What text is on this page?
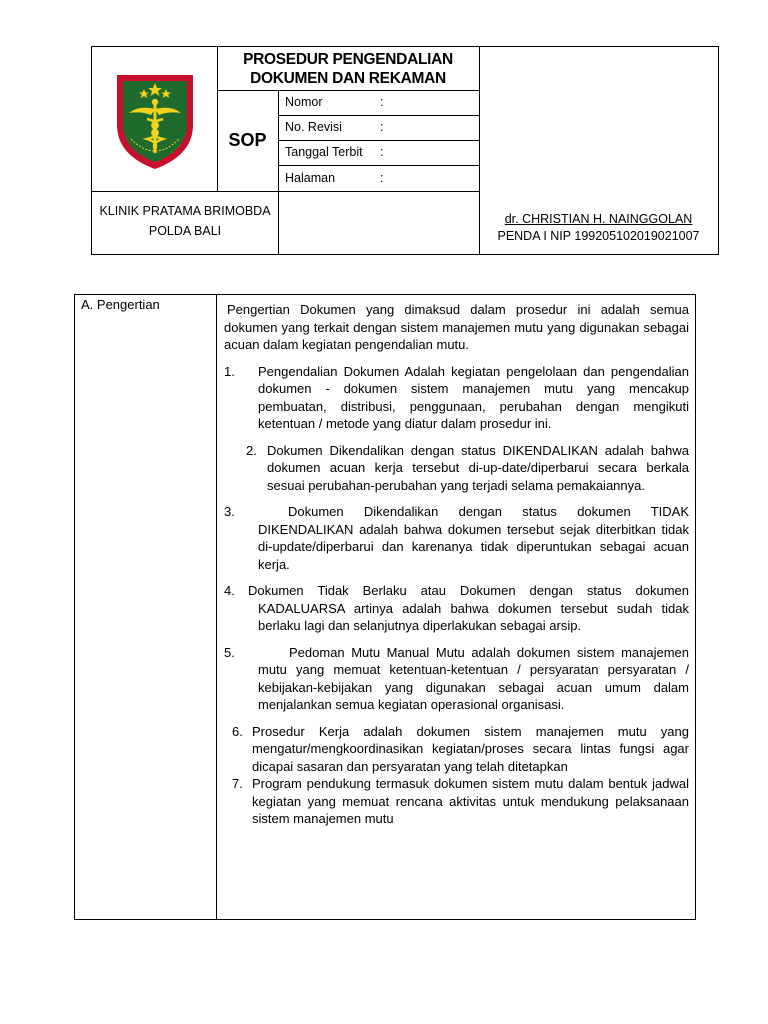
PROSEDUR PENGENDALIAN
DOKUMEN DAN REKAMAN
SOP
Nomor	:
No. Revisi	:
Tanggal Terbit :
Halaman	:
KLINIK PRATAMA BRIMOBDA
POLDA BALI
dr. CHRISTIAN H. NAINGGOLAN
PENDA I NIP 199205102019021007
A. Pengertian	Pengertian Dokumen yang dimaksud dalam prosedur ini adalah semua dokumen yang terkait dengan sistem manajemen mutu yang digunakan sebagai acuan dalam kegiatan pengendalian mutu.

1. Pengendalian Dokumen Adalah kegiatan pengelolaan dan pengendalian dokumen - dokumen sistem manajemen mutu yang mencakup pembuatan, distribusi, penggunaan, perubahan dengan mengikuti ketentuan / metode yang diatur dalam prosedur ini.
2. Dokumen Dikendalikan dengan status DIKENDALIKAN adalah bahwa dokumen acuan kerja tersebut di-up-date/diperbarui secara berkala sesuai perubahan-perubahan yang terjadi selama pemakaiannya.
3.	Dokumen Dikendalikan dengan status dokumen TIDAK DIKENDALIKAN adalah bahwa dokumen tersebut sejak diterbitkan tidak di-update/diperbarui dan karenanya tidak diperuntukan sebagai acuan kerja.
4. Dokumen Tidak Berlaku atau Dokumen dengan status dokumen KADALUARSA artinya adalah bahwa dokumen tersebut sudah tidak berlaku lagi dan selanjutnya diperlakukan sebagai arsip.
5.	Pedoman Mutu Manual Mutu adalah dokumen sistem manajemen mutu yang memuat ketentuan-ketentuan / persyaratan persyaratan / kebijakan-kebijakan yang digunakan sebagai acuan umum dalam menjalankan semua kegiatan operasional organisasi.
6. Prosedur Kerja adalah dokumen sistem manajemen mutu yang mengatur/mengkoordinasikan kegiatan/proses secara lintas fungsi agar dicapai sasaran dan persyaratan yang telah ditetapkan
7. Program pendukung termasuk dokumen sistem mutu dalam bentuk jadwal kegiatan yang memuat rencana aktivitas untuk mendukung pelaksanaan sistem manajemen mutu
